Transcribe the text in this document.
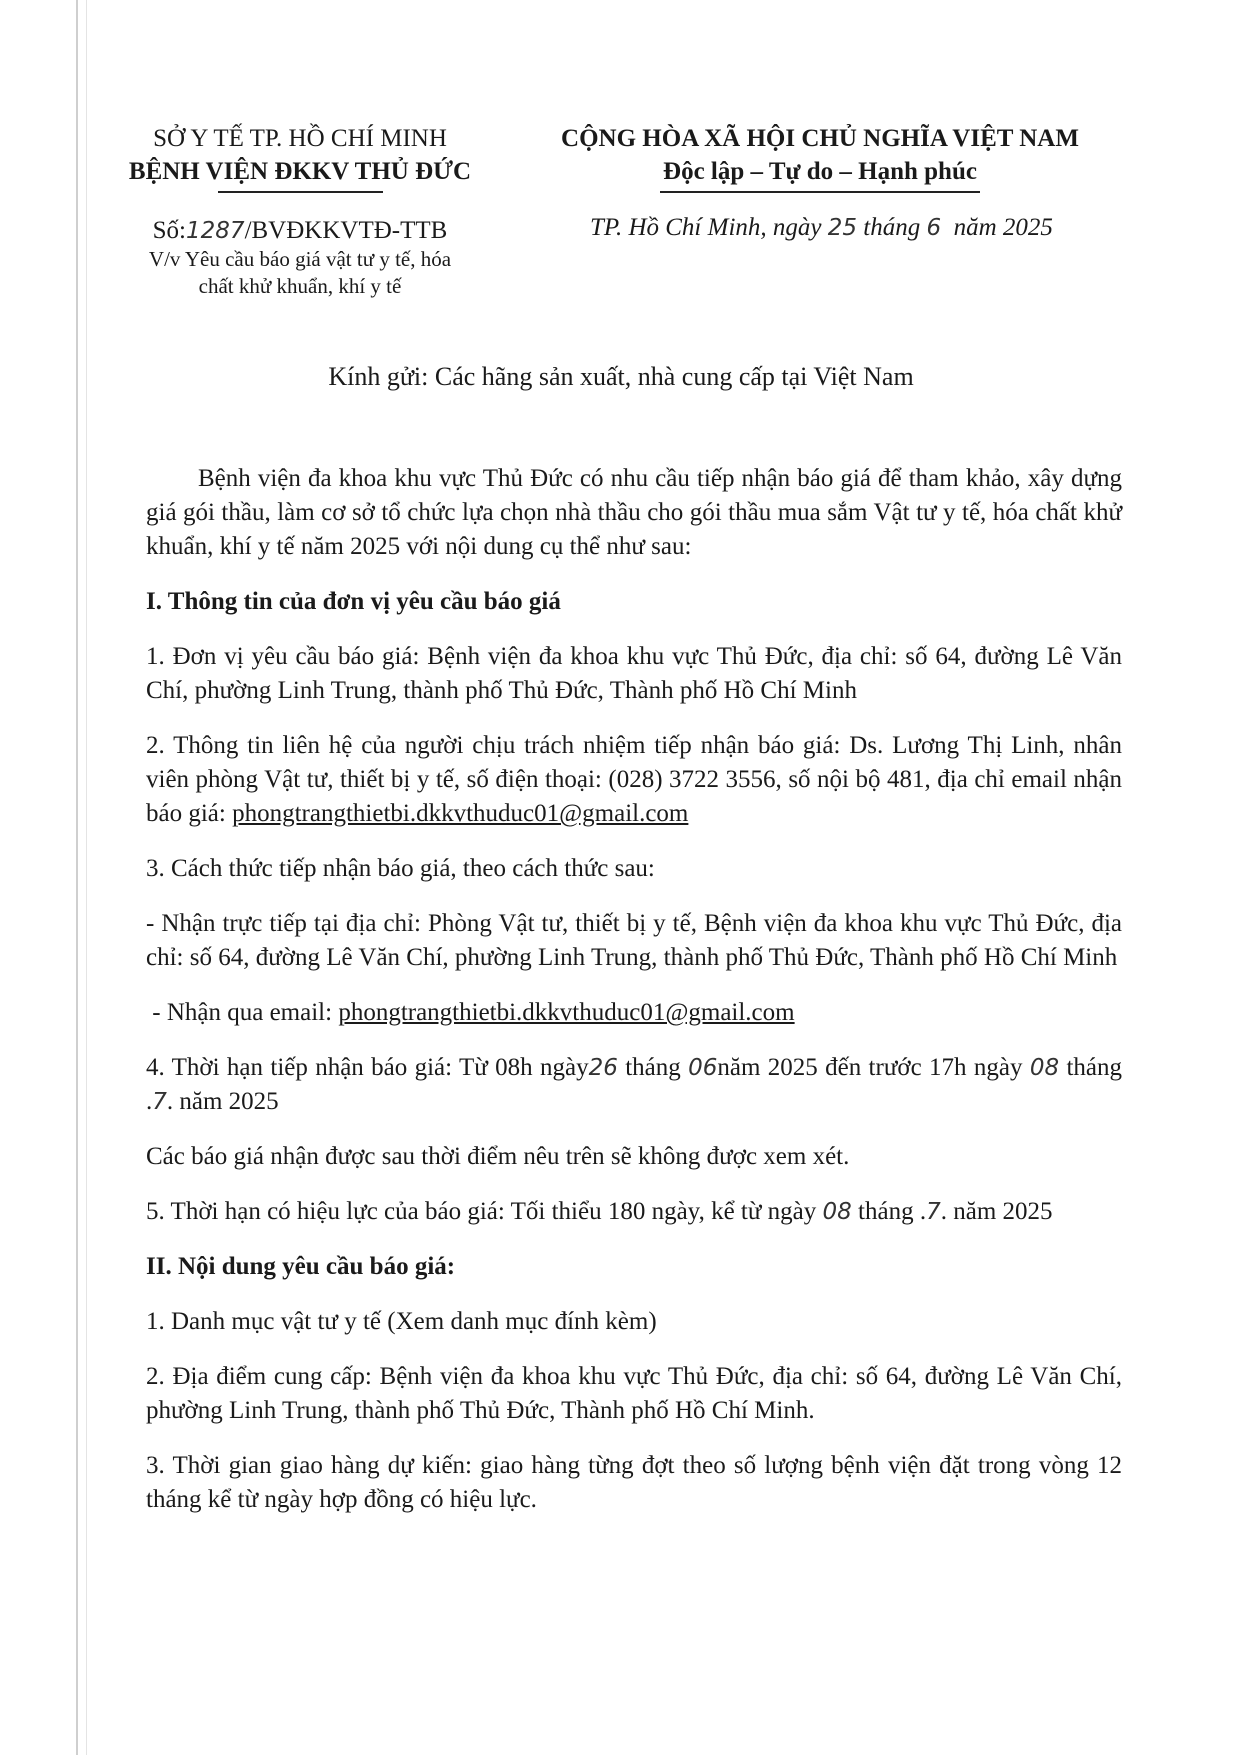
SỞ Y TẾ TP. HỒ CHÍ MINH
BỆNH VIỆN ĐKKV THỦ ĐỨC
CỘNG HÒA XÃ HỘI CHỦ NGHĨA VIỆT NAM
Độc lập – Tự do – Hạnh phúc
Số:1287/BVĐKKVTĐ-TTB
V/v Yêu cầu báo giá vật tư y tế, hóa
chất khử khuẩn, khí y tế
TP. Hồ Chí Minh, ngày 25 tháng 6 năm 2025
Kính gửi: Các hãng sản xuất, nhà cung cấp tại Việt Nam

Bệnh viện đa khoa khu vực Thủ Đức có nhu cầu tiếp nhận báo giá để tham khảo, xây dựng giá gói thầu, làm cơ sở tổ chức lựa chọn nhà thầu cho gói thầu mua sắm Vật tư y tế, hóa chất khử khuẩn, khí y tế năm 2025 với nội dung cụ thể như sau:

I. Thông tin của đơn vị yêu cầu báo giá

1. Đơn vị yêu cầu báo giá: Bệnh viện đa khoa khu vực Thủ Đức, địa chỉ: số 64, đường Lê Văn Chí, phường Linh Trung, thành phố Thủ Đức, Thành phố Hồ Chí Minh

2. Thông tin liên hệ của người chịu trách nhiệm tiếp nhận báo giá: Ds. Lương Thị Linh, nhân viên phòng Vật tư, thiết bị y tế, số điện thoại: (028) 3722 3556, số nội bộ 481, địa chỉ email nhận báo giá: phongtrangthietbi.dkkvthuduc01@gmail.com

3. Cách thức tiếp nhận báo giá, theo cách thức sau:

- Nhận trực tiếp tại địa chỉ: Phòng Vật tư, thiết bị y tế, Bệnh viện đa khoa khu vực Thủ Đức, địa chỉ: số 64, đường Lê Văn Chí, phường Linh Trung, thành phố Thủ Đức, Thành phố Hồ Chí Minh

- Nhận qua email: phongtrangthietbi.dkkvthuduc01@gmail.com

4. Thời hạn tiếp nhận báo giá: Từ 08h ngày26 tháng 06năm 2025 đến trước 17h ngày 08 tháng .7. năm 2025

Các báo giá nhận được sau thời điểm nêu trên sẽ không được xem xét.

5. Thời hạn có hiệu lực của báo giá: Tối thiểu 180 ngày, kể từ ngày 08 tháng .7. năm 2025

II. Nội dung yêu cầu báo giá:

1. Danh mục vật tư y tế (Xem danh mục đính kèm)

2. Địa điểm cung cấp: Bệnh viện đa khoa khu vực Thủ Đức, địa chỉ: số 64, đường Lê Văn Chí, phường Linh Trung, thành phố Thủ Đức, Thành phố Hồ Chí Minh.

3. Thời gian giao hàng dự kiến: giao hàng từng đợt theo số lượng bệnh viện đặt trong vòng 12 tháng kể từ ngày hợp đồng có hiệu lực.
